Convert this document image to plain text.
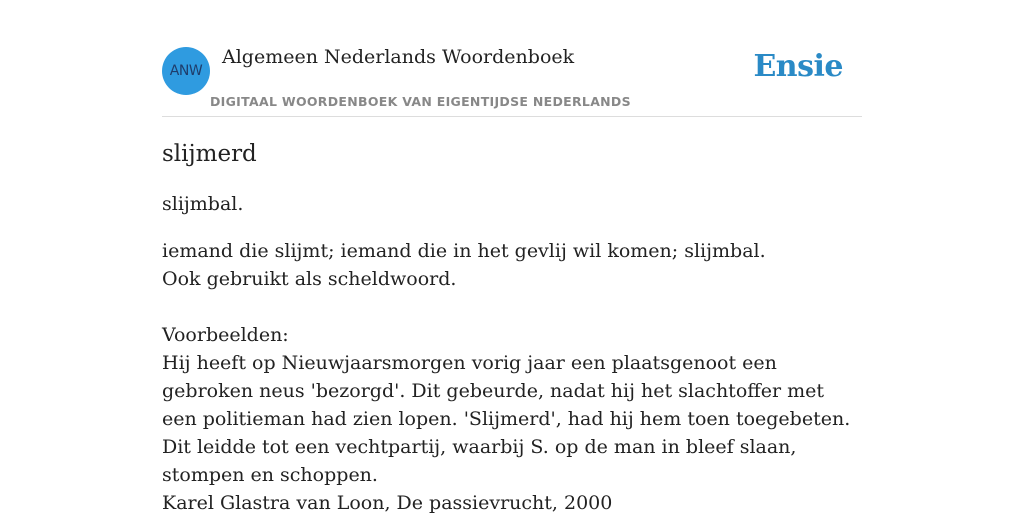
ANW
Algemeen Nederlands Woordenboek
DIGITAAL WOORDENBOEK VAN EIGENTIJDSE NEDERLANDS
Ensie
slijmerd
slijmbal.
iemand die slijmt; iemand die in het gevlij wil komen; slijmbal.
Ook gebruikt als scheldwoord.
Voorbeelden:
Hij heeft op Nieuwjaarsmorgen vorig jaar een plaatsgenoot een gebroken neus 'bezorgd'. Dit gebeurde, nadat hij het slachtoffer met een politieman had zien lopen. 'Slijmerd', had hij hem toen toegebeten. Dit leidde tot een vechtpartij, waarbij S. op de man in bleef slaan, stompen en schoppen.
Karel Glastra van Loon, De passievrucht, 2000
